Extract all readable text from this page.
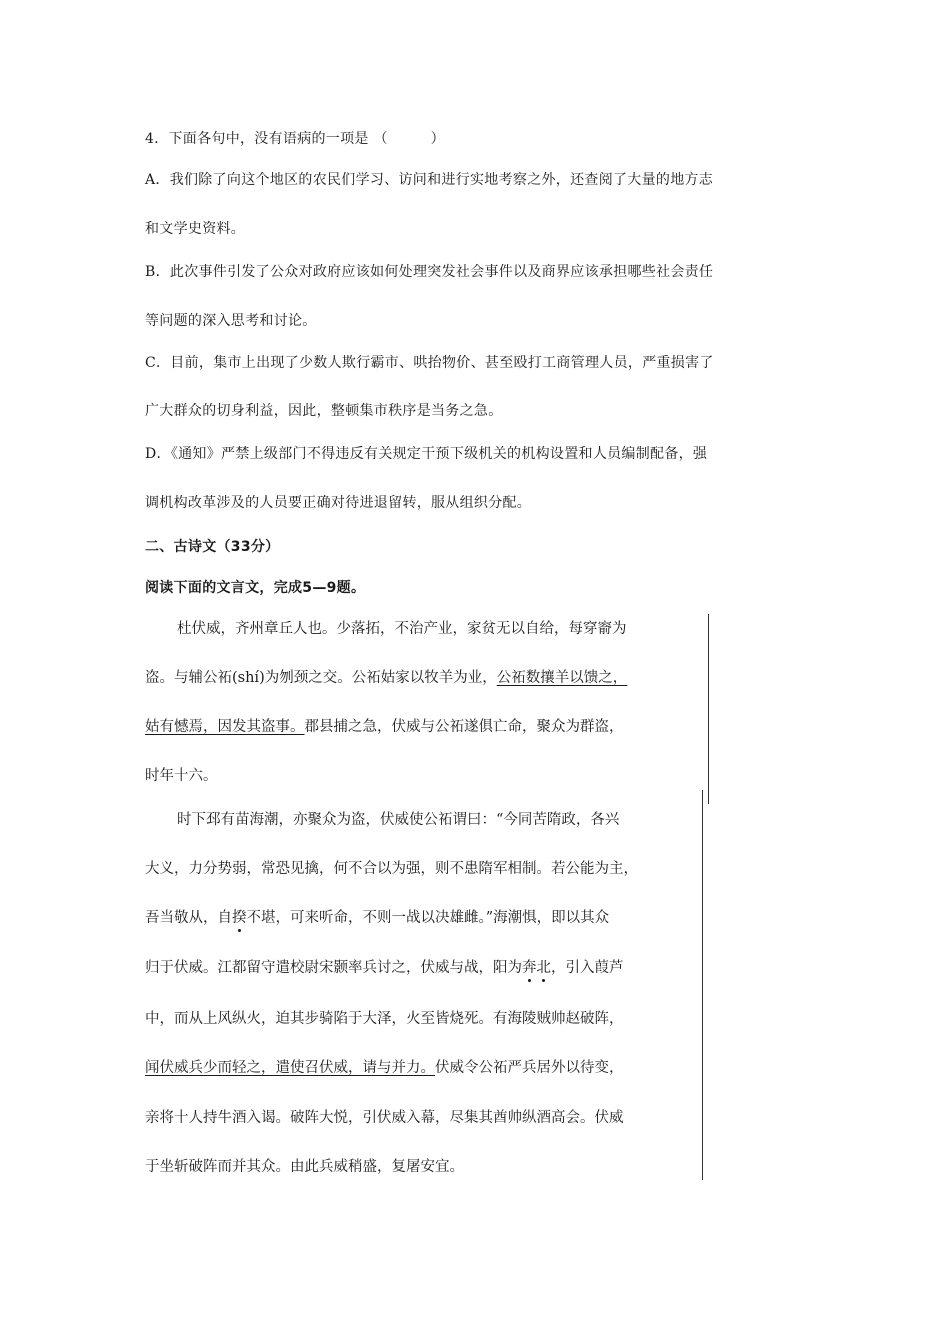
4．下面各句中，没有语病的一项是 （　　　）
A．我们除了向这个地区的农民们学习、访问和进行实地考察之外，还查阅了大量的地方志
和文学史资料。
B．此次事件引发了公众对政府应该如何处理突发社会事件以及商界应该承担哪些社会责任
等问题的深入思考和讨论。
C．目前，集市上出现了少数人欺行霸市、哄抬物价、甚至殴打工商管理人员，严重损害了
广大群众的切身利益，因此，整顿集市秩序是当务之急。
D．《通知》严禁上级部门不得违反有关规定干预下级机关的机构设置和人员编制配备，强
调机构改革涉及的人员要正确对待进退留转，服从组织分配。
二、古诗文（33分）
阅读下面的文言文，完成5—9题。
杜伏威，齐州章丘人也。少落拓，不治产业，家贫无以自给，每穿窬为
盗。与辅公祏(shí)为刎颈之交。公祏姑家以牧羊为业，公祏数攘羊以馈之，
姑有憾焉，因发其盗事。郡县捕之急，伏威与公祏遂俱亡命，聚众为群盗，
时年十六。
时下邳有苗海潮，亦聚众为盗，伏威使公祏谓曰：“今同苦隋政，各兴
大义，力分势弱，常恐见擒，何不合以为强，则不患隋军相制。若公能为主，
吾当敬从，自揆不堪，可来听命，不则一战以决雄雌。”海潮惧，即以其众
归于伏威。江都留守遣校尉宋颢率兵讨之，伏威与战，阳为奔北，引入葭芦
中，而从上风纵火，迫其步骑陷于大泽，火至皆烧死。有海陵贼帅赵破阵，
闻伏威兵少而轻之，遣使召伏威，请与并力。伏威令公祏严兵居外以待变，
亲将十人持牛酒入谒。破阵大悦，引伏威入幕，尽集其酋帅纵酒高会。伏威
于坐斩破阵而并其众。由此兵威稍盛，复屠安宜。
